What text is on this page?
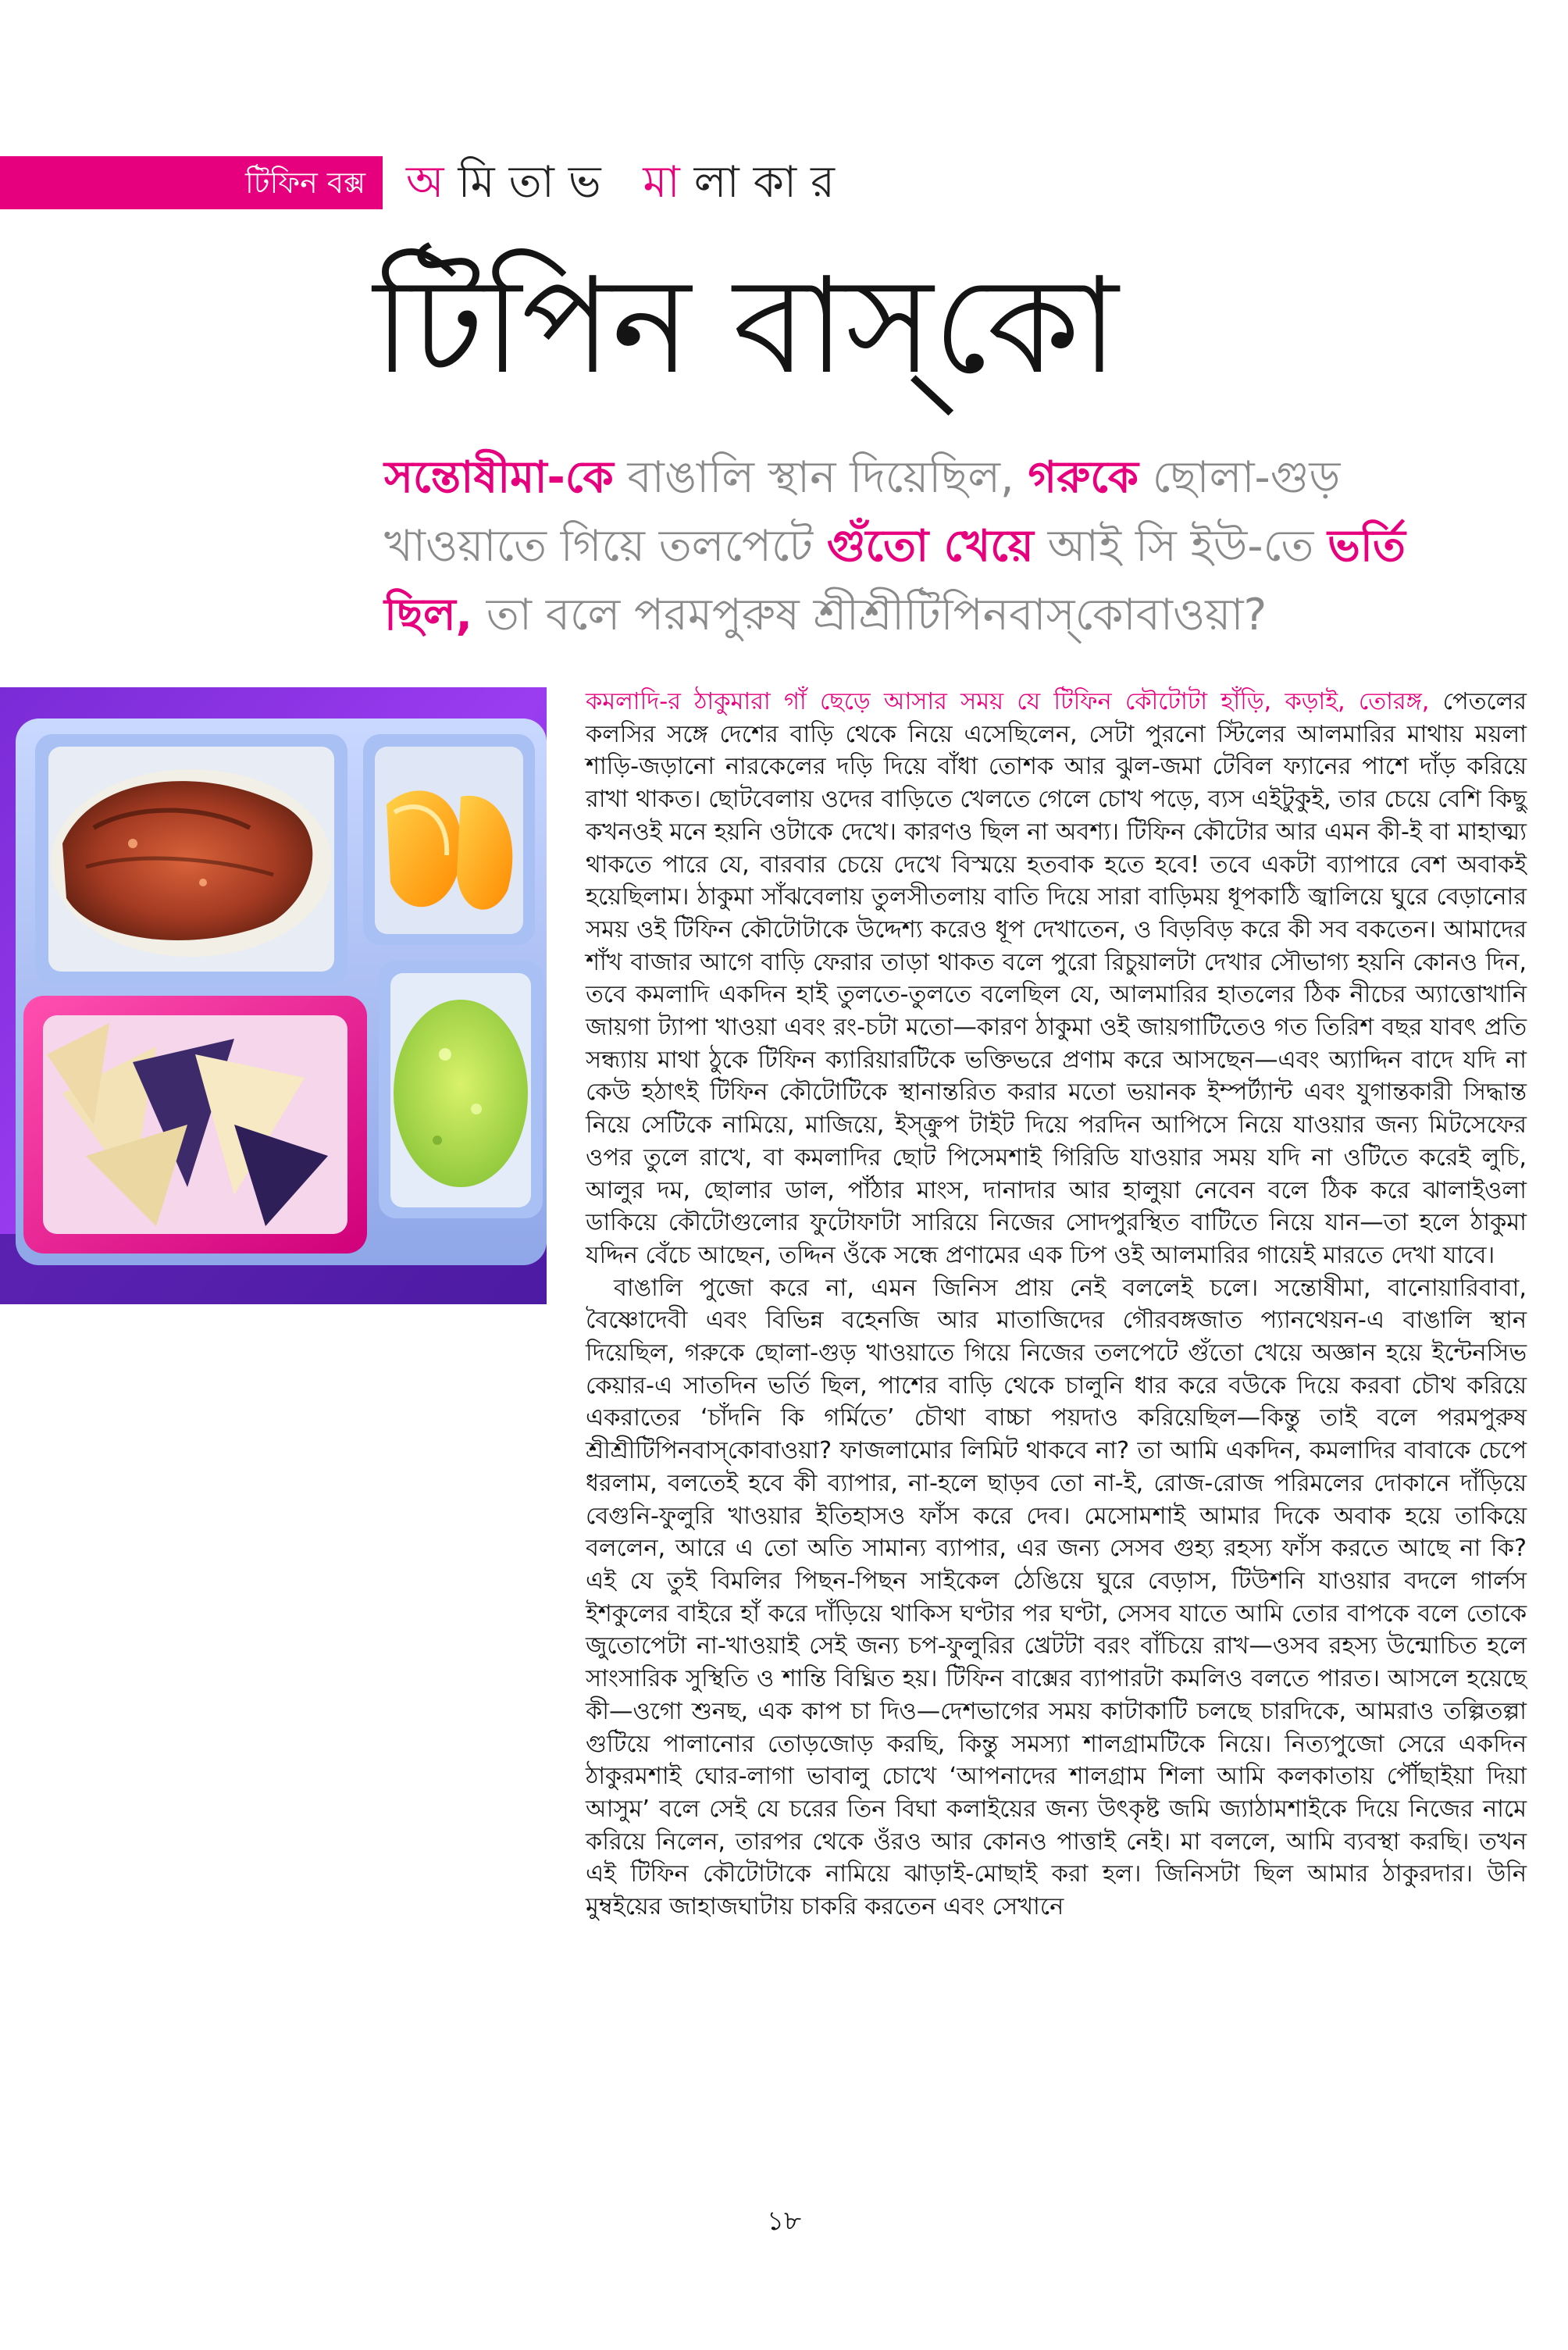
টিফিন বক্স অমিতাভ মালাকার
টিপিন বাস্‌কো

সন্তোষীমা-কে বাঙালি স্থান দিয়েছিল, গরুকে ছোলা-গুড় খাওয়াতে গিয়ে তলপেটে গুঁতো খেয়ে আই সি ইউ-তে ভর্তি ছিল, তা বলে পরমপুরুষ শ্রীশ্রীটিপিনবাস্‌কোবাওয়া?

কমলাদি-র ঠাকুমারা গাঁ ছেড়ে আসার সময় যে টিফিন কৌটোটা হাঁড়ি, কড়াই, তোরঙ্গ, পেতলের কলসির সঙ্গে দেশের বাড়ি থেকে নিয়ে এসেছিলেন, সেটা পুরনো স্টিলের আলমারির মাথায় ময়লা শাড়ি-জড়ানো নারকেলের দড়ি দিয়ে বাঁধা তোশক আর ঝুল-জমা টেবিল ফ্যানের পাশে দাঁড় করিয়ে রাখা থাকত। ছোটবেলায় ওদের বাড়িতে খেলতে গেলে চোখ পড়ে, ব্যস এইটুকুই, তার চেয়ে বেশি কিছু কখনওই মনে হয়নি ওটাকে দেখে। কারণও ছিল না অবশ্য। টিফিন কৌটোর আর এমন কী-ই বা মাহাত্ম্য থাকতে পারে যে, বারবার চেয়ে দেখে বিস্ময়ে হতবাক হতে হবে! তবে একটা ব্যাপারে বেশ অবাকই হয়েছিলাম। ঠাকুমা সাঁঝবেলায় তুলসীতলায় বাতি দিয়ে সারা বাড়িময় ধূপকাঠি জ্বালিয়ে ঘুরে বেড়ানোর সময় ওই টিফিন কৌটোটাকে উদ্দেশ্য করেও ধূপ দেখাতেন, ও বিড়বিড় করে কী সব বকতেন। আমাদের শাঁখ বাজার আগে বাড়ি ফেরার তাড়া থাকত বলে পুরো রিচুয়ালটা দেখার সৌভাগ্য হয়নি কোনও দিন, তবে কমলাদি একদিন হাই তুলতে-তুলতে বলেছিল যে, আলমারির হাতলের ঠিক নীচের অ্যাত্তোখানি জায়গা ট্যাপা খাওয়া এবং রং-চটা মতো—কারণ ঠাকুমা ওই জায়গাটিতেও গত তিরিশ বছর যাবৎ প্রতি সন্ধ্যায় মাথা ঠুকে টিফিন ক্যারিয়ারটিকে ভক্তিভরে প্রণাম করে আসছেন—এবং অ্যাদ্দিন বাদে যদি না কেউ হঠাৎই টিফিন কৌটোটিকে স্থানান্তরিত করার মতো ভয়ানক ইম্পর্ট্যান্ট এবং যুগান্তকারী সিদ্ধান্ত নিয়ে সেটিকে নামিয়ে, মাজিয়ে, ইস্‌ক্রুপ টাইট দিয়ে পরদিন আপিসে নিয়ে যাওয়ার জন্য মিটসেফের ওপর তুলে রাখে, বা কমলাদির ছোট পিসেমশাই গিরিডি যাওয়ার সময় যদি না ওটিতে করেই লুচি, আলুর দম, ছোলার ডাল, পাঁঠার মাংস, দানাদার আর হালুয়া নেবেন বলে ঠিক করে ঝালাইওলা ডাকিয়ে কৌটোগুলোর ফুটোফাটা সারিয়ে নিজের সোদপুরস্থিত বাটিতে নিয়ে যান—তা হলে ঠাকুমা যদ্দিন বেঁচে আছেন, তদ্দিন ওঁকে সন্ধে প্রণামের এক ঢিপ ওই আলমারির গায়েই মারতে দেখা যাবে।

বাঙালি পুজো করে না, এমন জিনিস প্রায় নেই বললেই চলে। সন্তোষীমা, বানোয়ারিবাবা, বৈষ্ণোদেবী এবং বিভিন্ন বহেনজি আর মাতাজিদের গৌরবঙ্গজাত প্যানথেয়ন-এ বাঙালি স্থান দিয়েছিল, গরুকে ছোলা-গুড় খাওয়াতে গিয়ে নিজের তলপেটে গুঁতো খেয়ে অজ্ঞান হয়ে ইন্টেনসিভ কেয়ার-এ সাতদিন ভর্তি ছিল, পাশের বাড়ি থেকে চালুনি ধার করে বউকে দিয়ে করবা চৌথ করিয়ে একরাতের ‘চাঁদনি কি গর্মিতে’ চৌথা বাচ্চা পয়দাও করিয়েছিল—কিন্তু তাই বলে পরমপুরুষ শ্রীশ্রীটিপিনবাস্‌কোবাওয়া? ফাজলামোর লিমিট থাকবে না? তা আমি একদিন, কমলাদির বাবাকে চেপে ধরলাম, বলতেই হবে কী ব্যাপার, না-হলে ছাড়ব তো না-ই, রোজ-রোজ পরিমলের দোকানে দাঁড়িয়ে বেগুনি-ফুলুরি খাওয়ার ইতিহাসও ফাঁস করে দেব। মেসোমশাই আমার দিকে অবাক হয়ে তাকিয়ে বললেন, আরে এ তো অতি সামান্য ব্যাপার, এর জন্য সেসব গুহ্য রহস্য ফাঁস করতে আছে না কি? এই যে তুই বিমলির পিছন-পিছন সাইকেল ঠেঙিয়ে ঘুরে বেড়াস, টিউশনি যাওয়ার বদলে গার্লস ইশকুলের বাইরে হাঁ করে দাঁড়িয়ে থাকিস ঘণ্টার পর ঘণ্টা, সেসব যাতে আমি তোর বাপকে বলে তোকে জুতোপেটা না-খাওয়াই সেই জন্য চপ-ফুলুরির খ্রেটটা বরং বাঁচিয়ে রাখ—ওসব রহস্য উন্মোচিত হলে সাংসারিক সুস্থিতি ও শান্তি বিঘ্নিত হয়। টিফিন বাক্সের ব্যাপারটা কমলিও বলতে পারত। আসলে হয়েছে কী—ওগো শুনছ, এক কাপ চা দিও—দেশভাগের সময় কাটাকাটি চলছে চারদিকে, আমরাও তল্পিতল্পা গুটিয়ে পালানোর তোড়জোড় করছি, কিন্তু সমস্যা শালগ্রামটিকে নিয়ে। নিত্যপুজো সেরে একদিন ঠাকুরমশাই ঘোর-লাগা ভাবালু চোখে ‘আপনাদের শালগ্রাম শিলা আমি কলকাতায় পৌঁছাইয়া দিয়া আসুম’ বলে সেই যে চরের তিন বিঘা কলাইয়ের জন্য উৎকৃষ্ট জমি জ্যাঠামশাইকে দিয়ে নিজের নামে করিয়ে নিলেন, তারপর থেকে ওঁরও আর কোনও পাত্তাই নেই। মা বললে, আমি ব্যবস্থা করছি। তখন এই টিফিন কৌটোটাকে নামিয়ে ঝাড়াই-মোছাই করা হল। জিনিসটা ছিল আমার ঠাকুরদার। উনি মুম্বইয়ের জাহাজঘাটায় চাকরি করতেন এবং সেখানে

১৮
